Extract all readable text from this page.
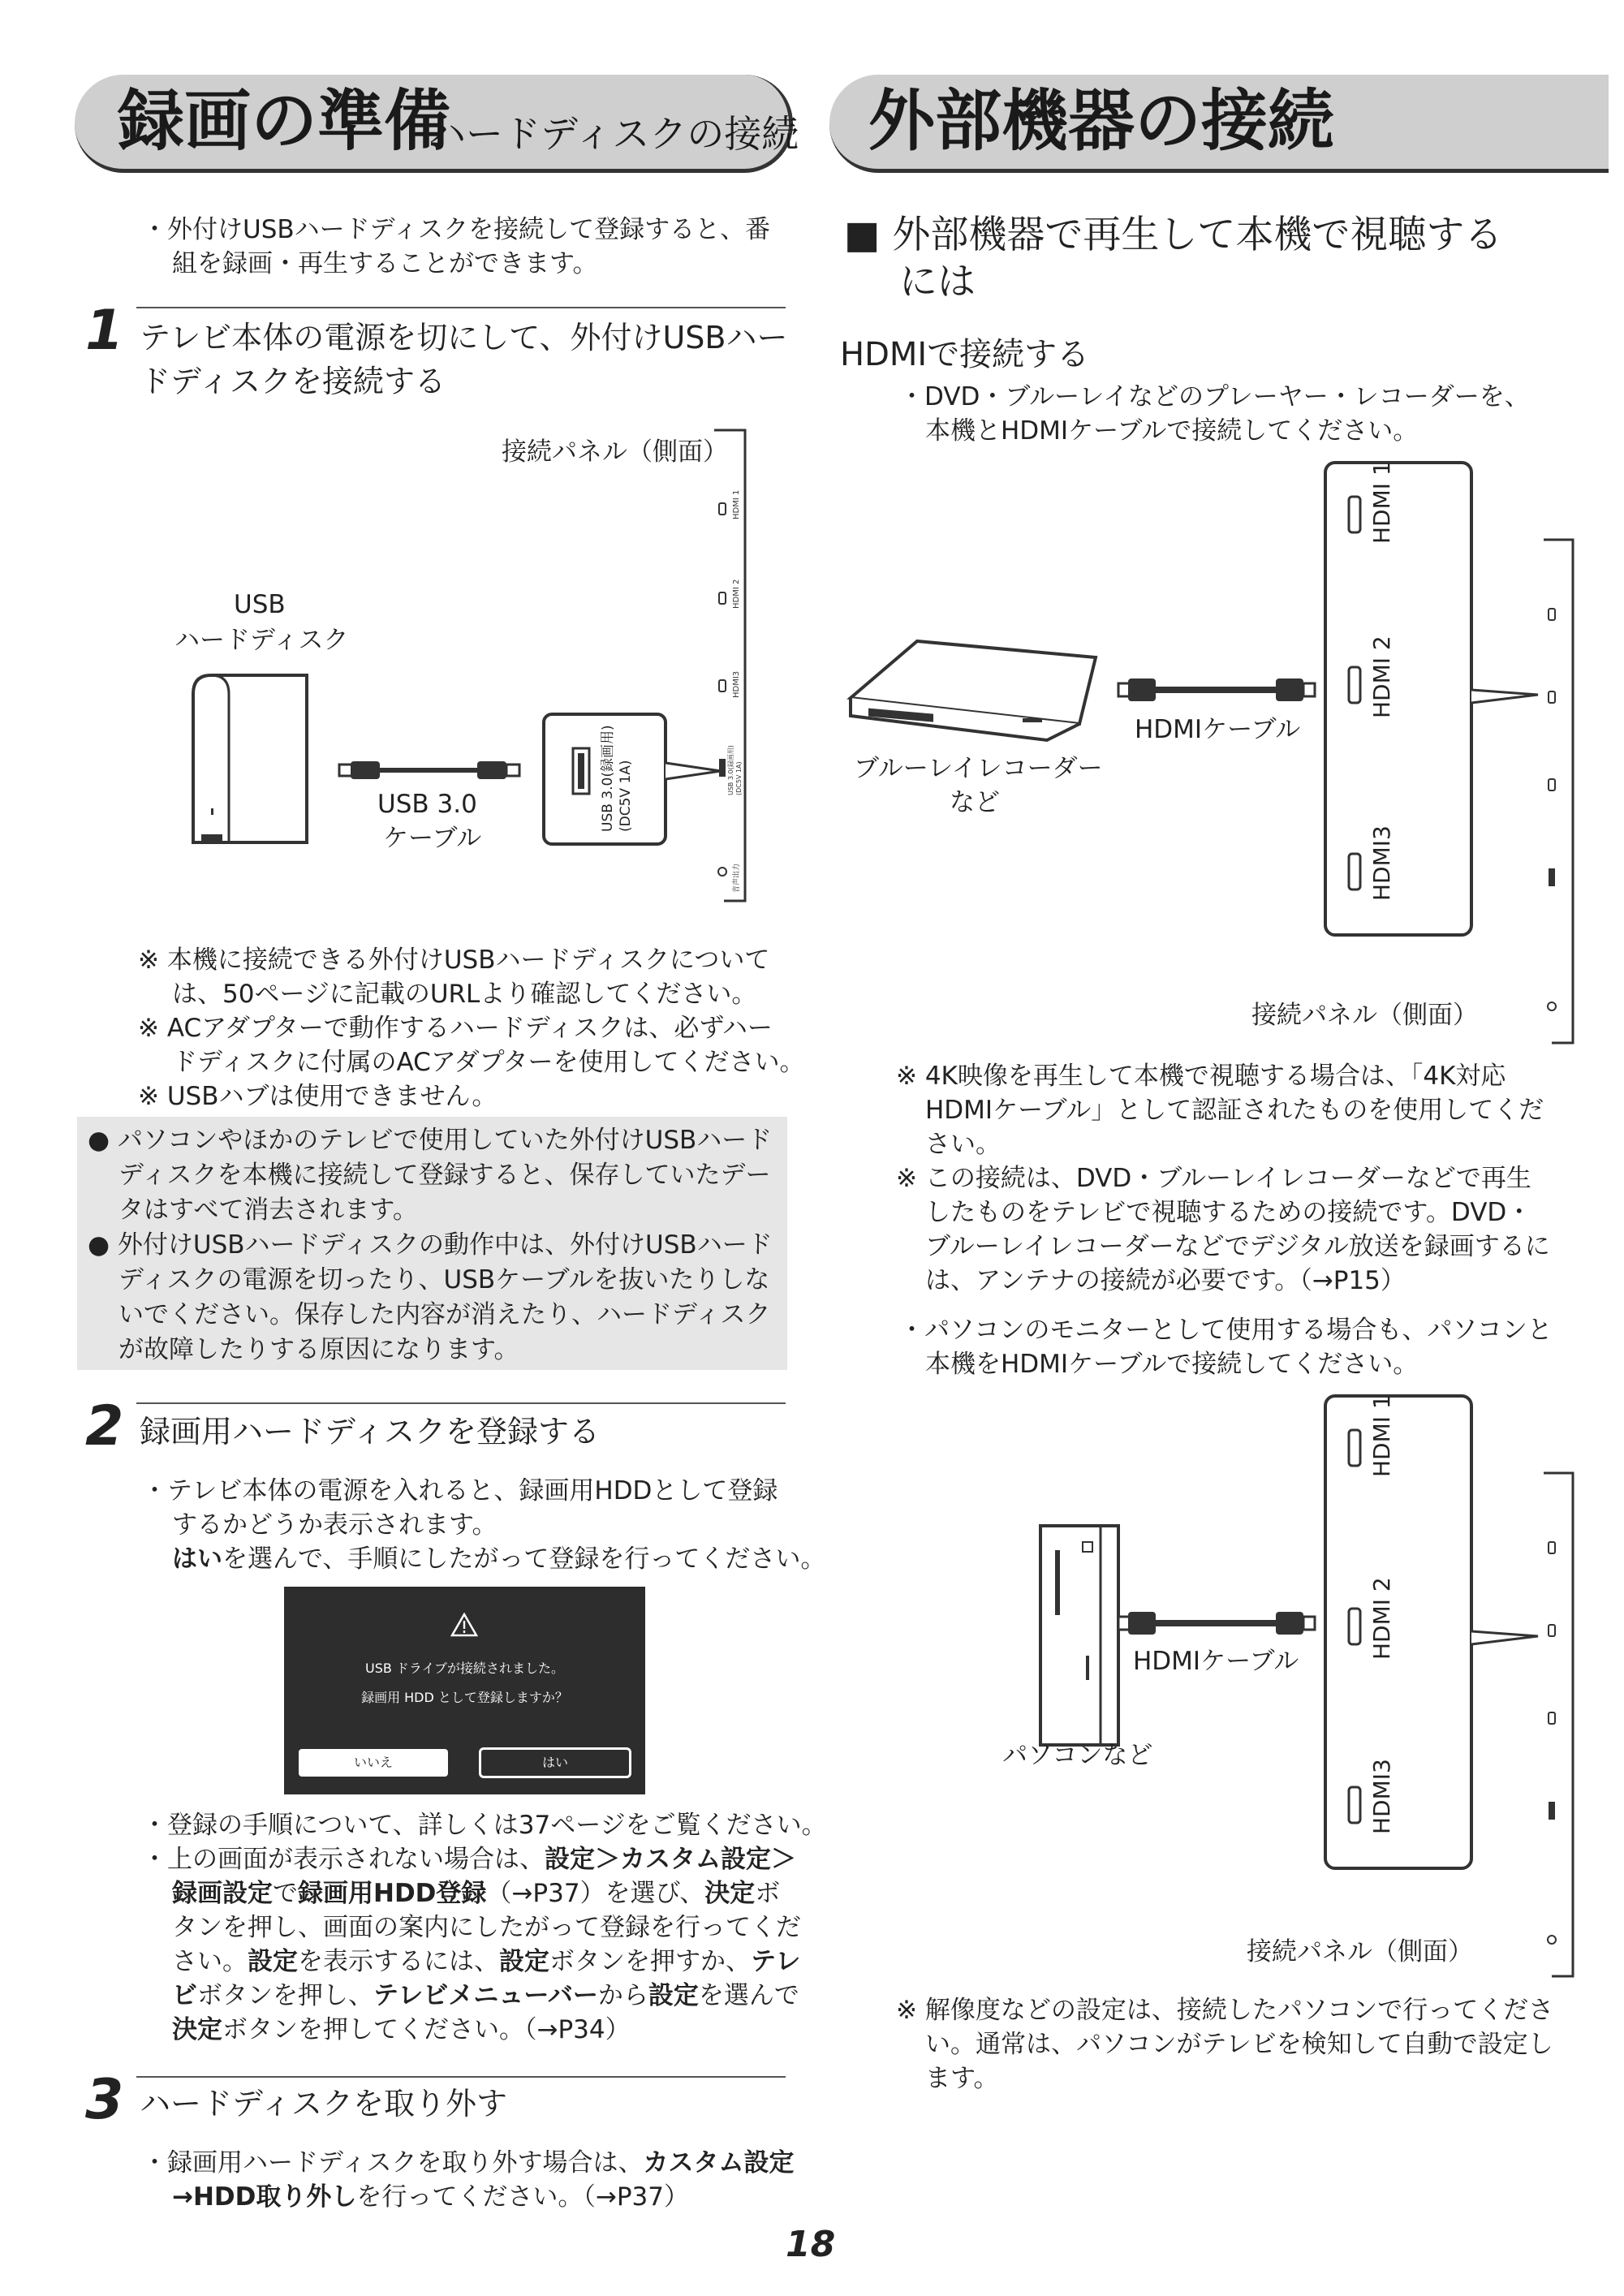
録画の準備
ハードディスクの接続 外部機器の接続
・外付けUSBハードディスクを接続して登録すると、番
組を録画・再生することができます。
1 テレビ本体の電源を切にして、外付けUSBハー
ドディスクを接続する
接続パネル（側面）
USB
ハードディスク
USB 3.0
ケーブル
USB 3.0(録画用) (DC5V 1A)
HDMI 1
HDMI 2
HDMI3
USB 3.0(録画用) (DC5V 1A)
音声出力
※ 本機に接続できる外付けUSBハードディスクについて
は、50ページに記載のURLより確認してください。
※ ACアダプターで動作するハードディスクは、必ずハー
ドディスクに付属のACアダプターを使用してください。
※ USBハブは使用できません。
● パソコンやほかのテレビで使用していた外付けUSBハード
ディスクを本機に接続して登録すると、保存していたデー
タはすべて消去されます。
● 外付けUSBハードディスクの動作中は、外付けUSBハード
ディスクの電源を切ったり、USBケーブルを抜いたりしな
いでください。保存した内容が消えたり、ハードディスク
が故障したりする原因になります。
2 録画用ハードディスクを登録する
・テレビ本体の電源を入れると、録画用HDDとして登録
するかどうか表示されます。
はいを選んで、手順にしたがって登録を行ってください。
USB ドライブが接続されました。
録画用 HDD として登録しますか？
いいえ	はい
・登録の手順について、詳しくは37ページをご覧ください。
・上の画面が表示されない場合は、設定＞カスタム設定＞
録画設定で録画用HDD登録（→P37）を選び、決定ボ
タンを押し、画面の案内にしたがって登録を行ってくだ
さい。設定を表示するには、設定ボタンを押すか、テレ
ビボタンを押し、テレビメニューバーから設定を選んで
決定ボタンを押してください。（→P34）
3 ハードディスクを取り外す
・録画用ハードディスクを取り外す場合は、カスタム設定
→HDD取り外しを行ってください。（→P37）
■ 外部機器で再生して本機で視聴する
には
HDMIで接続する
・DVD・ブルーレイなどのプレーヤー・レコーダーを、
本機とHDMIケーブルで接続してください。
HDMI 1
HDMI 2
HDMI3
HDMIケーブル
ブルーレイレコーダー
など
接続パネル（側面）
※ 4K映像を再生して本機で視聴する場合は、「4K対応
HDMIケーブル」として認証されたものを使用してくだ
さい。
※ この接続は、DVD・ブルーレイレコーダーなどで再生
したものをテレビで視聴するための接続です。DVD・
ブルーレイレコーダーなどでデジタル放送を録画するに
は、アンテナの接続が必要です。（→P15）
・パソコンのモニターとして使用する場合も、パソコンと
本機をHDMIケーブルで接続してください。
HDMI 1
HDMI 2
HDMI3
HDMIケーブル
パソコンなど
接続パネル（側面）
※ 解像度などの設定は、接続したパソコンで行ってくださ
い。通常は、パソコンがテレビを検知して自動で設定し
ます。
18
